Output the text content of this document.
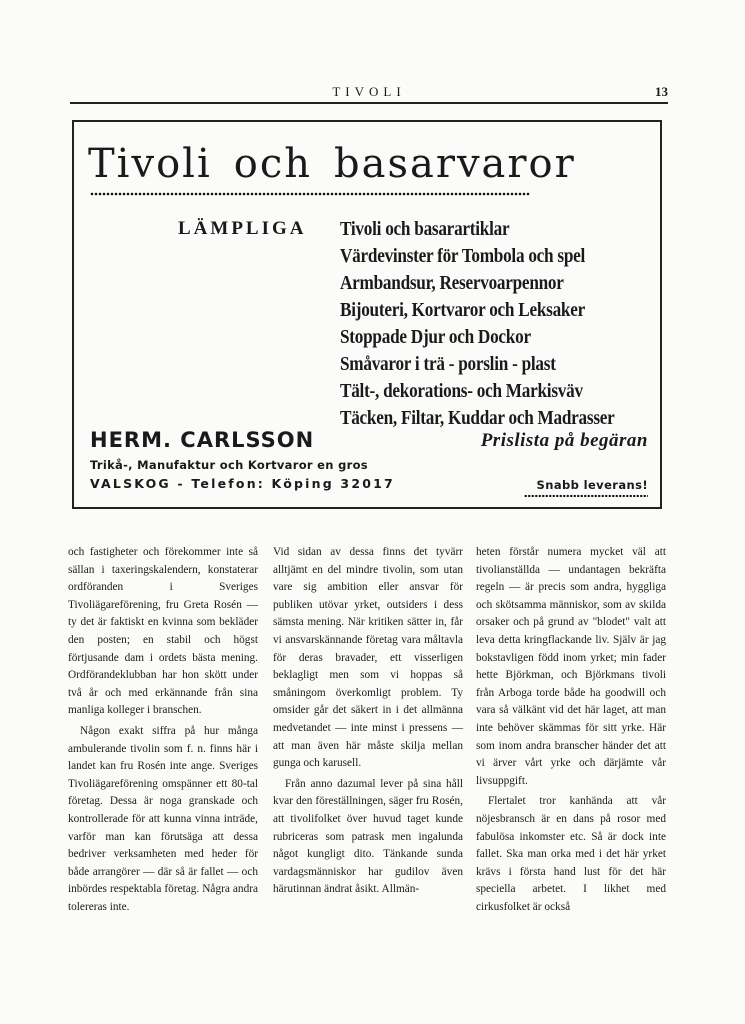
TIVOLI	13
Tivoli och basarvaror
LÄMPLIGA Tivoli och basarartiklar
Värdevinster för Tombola och spel
Armbandsur, Reservoarpennor
Bijouteri, Kortvaror och Leksaker
Stoppade Djur och Dockor
Småvaror i trä - porslin - plast
Tält-, dekorations- och Markisväv
Täcken, Filtar, Kuddar och Madrasser
HERM. CARLSSON	Prislista på begäran
Trikå-, Manufaktur och Kortvaror en gros
VALSKOG - Telefon: Köping 32017	Snabb leverans!

och fastigheter och förekommer inte så sällan i taxeringskalendern, konstaterar ordföranden i Sveriges Tivoliägareförening, fru Greta Rosén — ty det är faktiskt en kvinna som bekläder den posten; en stabil och högst förtjusande dam i ordets bästa mening. Ordförandeklubban har hon skött under två år och med erkännande från sina manliga kolleger i branschen.

Någon exakt siffra på hur många ambulerande tivolin som f. n. finns här i landet kan fru Rosén inte ange. Sveriges Tivoliägareförening omspänner ett 80-tal företag. Dessa är noga granskade och kontrollerade för att kunna vinna inträde, varför man kan förutsäga att dessa bedriver verksamheten med heder för både arrangörer — där så är fallet — och inbördes respektabla företag. Några andra tolereras inte.

Vid sidan av dessa finns det tyvärr alltjämt en del mindre tivolin, som utan vare sig ambition eller ansvar för publiken utövar yrket, outsiders i dess sämsta mening. När kritiken sätter in, får vi ansvarskännande företag vara måltavla för deras bravader, ett visserligen beklagligt men som vi hoppas så småningom överkomligt problem. Ty omsider går det säkert in i det allmänna medvetandet — inte minst i pressens — att man även här måste skilja mellan gunga och karusell.

Från anno dazumal lever på sina håll kvar den föreställningen, säger fru Rosén, att tivolifolket över huvud taget kunde rubriceras som patrask men ingalunda något kungligt dito. Tänkande sunda vardagsmänniskor har gudilov även härutinnan ändrat åsikt. Allmän-

heten förstår numera mycket väl att tivolianställda — undantagen bekräfta regeln — är precis som andra, hyggliga och skötsamma människor, som av skilda orsaker och på grund av "blodet" valt att leva detta kringflackande liv. Själv är jag bokstavligen född inom yrket; min fader hette Björkman, och Björkmans tivoli från Arboga torde både ha goodwill och vara så välkänt vid det här laget, att man inte behöver skämmas för sitt yrke. Här som inom andra branscher händer det att vi ärver vårt yrke och därjämte vår livsuppgift.

Flertalet tror kanhända att vår nöjesbransch är en dans på rosor med fabulösa inkomster etc. Så är dock inte fallet. Ska man orka med i det här yrket krävs i första hand lust för det här speciella arbetet. I likhet med cirkusfolket är också
